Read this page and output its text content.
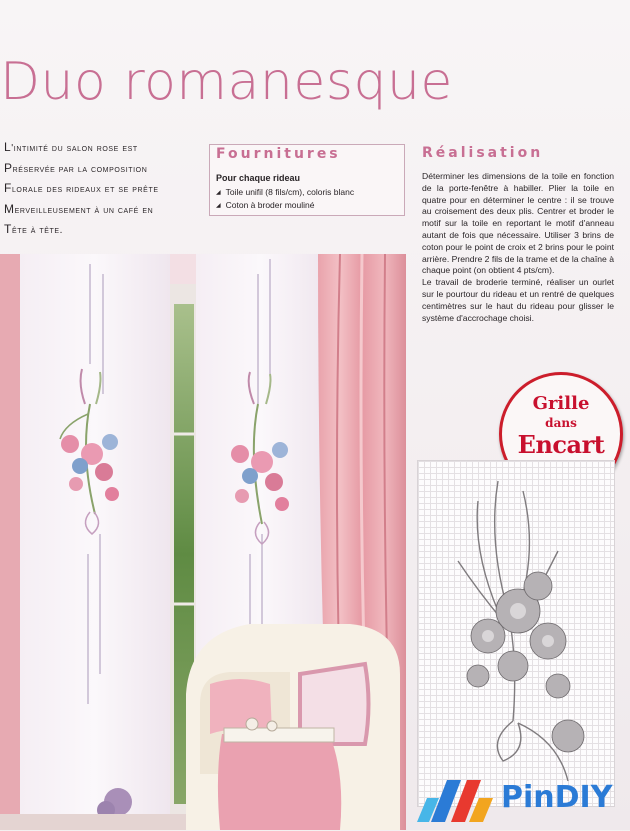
Duo romanesque
L'intimité du salon rose est
Préservée par la composition
Florale des rideaux et se prête
Merveilleusement à un café en
Tête à tête.
Fournitures
Pour chaque rideau
◢ Toile unifil (8 fils/cm), coloris blanc
◢ Coton à broder mouliné
Réalisation

Déterminer les dimensions de la toile en fonction de la porte-fenêtre à habiller. Plier la toile en quatre pour en déterminer le centre : il se trouve au croisement des deux plis. Centrer et broder le motif sur la toile en reportant le motif d'anneau autant de fois que nécessaire. Utiliser 3 brins de coton pour le point de croix et 2 brins pour le point arrière. Prendre 2 fils de la trame et de la chaîne à chaque point (on obtient 4 pts/cm).

Le travail de broderie terminé, réaliser un ourlet sur le pourtour du rideau et un rentré de quelques centimètres sur le haut du rideau pour glisser le système d'accrochage choisi.

Grille
dans
Encart
PinDIY
